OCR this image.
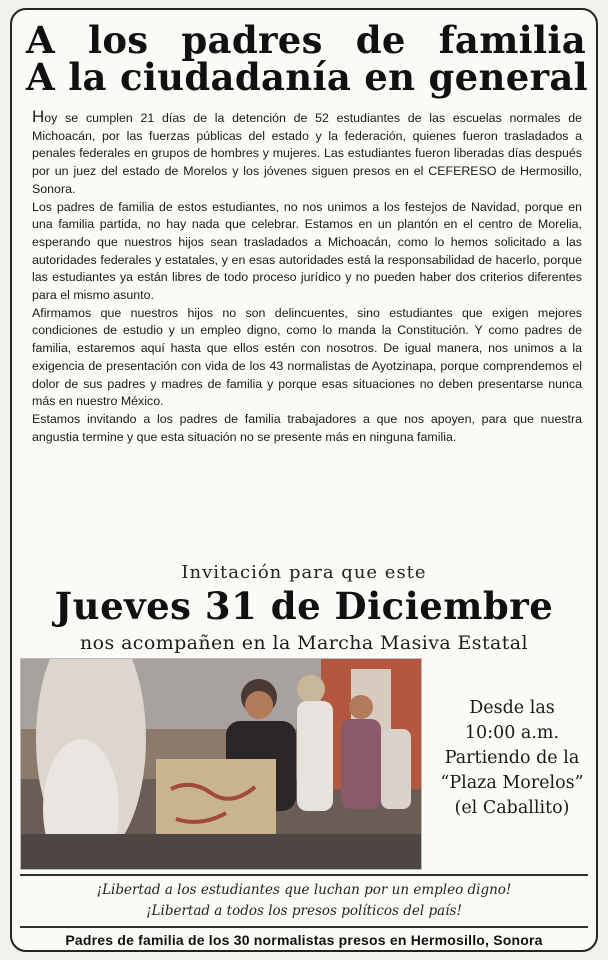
A los padres de familia
A la ciudadanía en general

Hoy se cumplen 21 días de la detención de 52 estudiantes de las escuelas normales de Michoacán, por las fuerzas públicas del estado y la federación, quienes fueron trasladados a penales federales en grupos de hombres y mujeres. Las estudiantes fueron liberadas días después por un juez del estado de Morelos y los jóvenes siguen presos en el CEFERESO de Hermosillo, Sonora.

Los padres de familia de estos estudiantes, no nos unimos a los festejos de Navidad, porque en una familia partida, no hay nada que celebrar. Estamos en un plantón en el centro de Morelia, esperando que nuestros hijos sean trasladados a Michoacán, como lo hemos solicitado a las autoridades federales y estatales, y en esas autoridades está la responsabilidad de hacerlo, porque las estudiantes ya están libres de todo proceso jurídico y no pueden haber dos criterios diferentes para el mismo asunto.

Afirmamos que nuestros hijos no son delincuentes, sino estudiantes que exigen mejores condiciones de estudio y un empleo digno, como lo manda la Constitución. Y como padres de familia, estaremos aquí hasta que ellos estén con nosotros. De igual manera, nos unimos a la exigencia de presentación con vida de los 43 normalistas de Ayotzinapa, porque comprendemos el dolor de sus padres y madres de familia y porque esas situaciones no deben presentarse nunca más en nuestro México.

Estamos invitando a los padres de familia trabajadores a que nos apoyen, para que nuestra angustia termine y que esta situación no se presente más en ninguna familia.

Invitación para que este
Jueves 31 de Diciembre
nos acompañen en la Marcha Masiva Estatal
Desde las
10:00 a.m.
Partiendo de la
“Plaza Morelos”
(el Caballito)
¡Libertad a los estudiantes que luchan por un empleo digno!
¡Libertad a todos los presos políticos del país!
Padres de familia de los 30 normalistas presos en Hermosillo, Sonora
